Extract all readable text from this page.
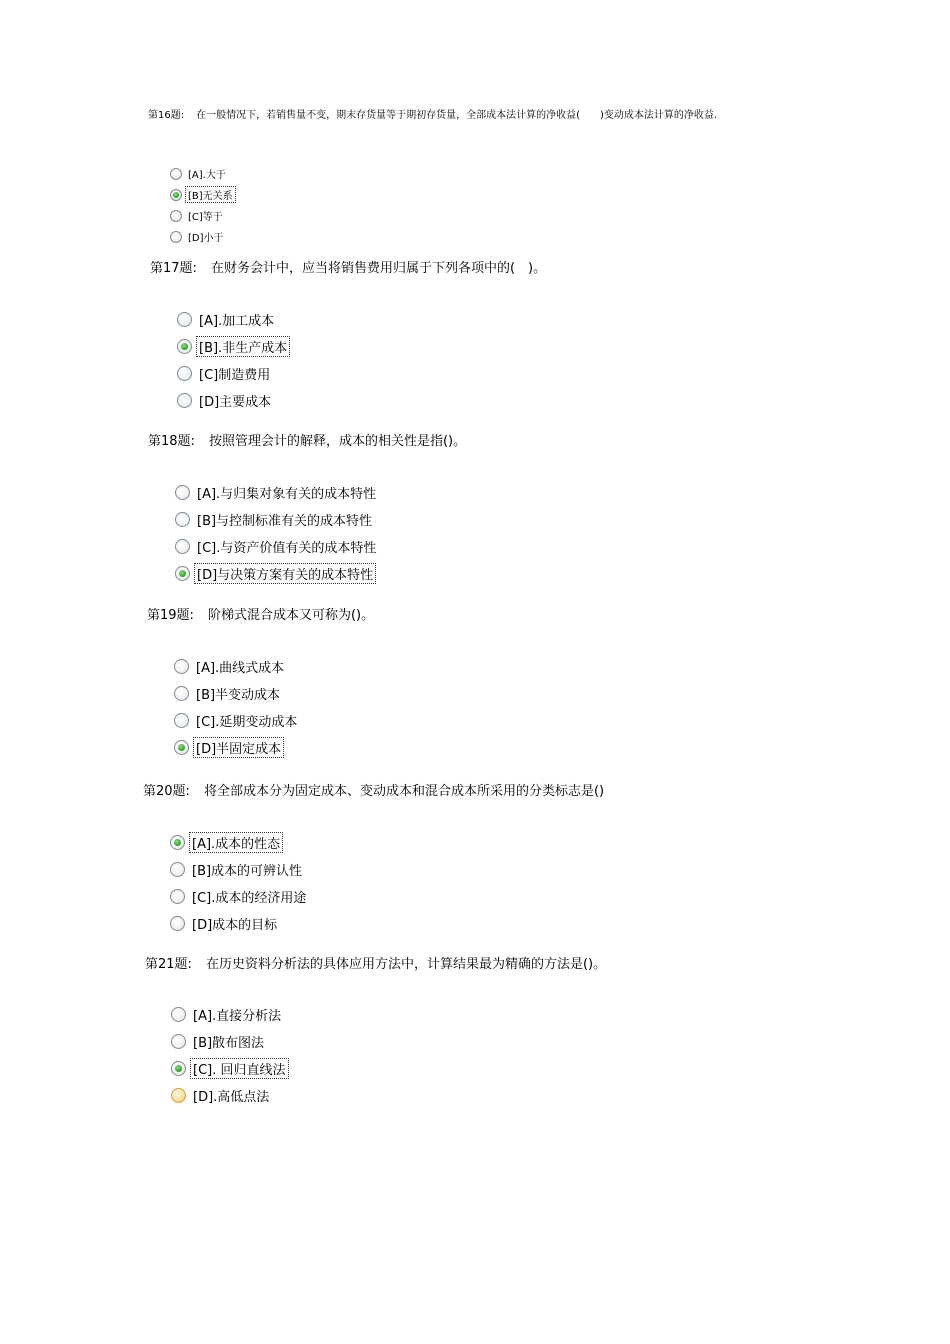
第16题: 在一般情况下，若销售量不变，期末存货量等于期初存货量，全部成本法计算的净收益(　　)变动成本法计算的净收益.
[A].大于
[B]无关系
[C]等于
[D]小于
第17题: 在财务会计中，应当将销售费用归属于下列各项中的(　)。
[A].加工成本
[B].非生产成本
[C]制造费用
[D]主要成本
第18题: 按照管理会计的解释，成本的相关性是指()。
[A].与归集对象有关的成本特性
[B]与控制标准有关的成本特性
[C].与资产价值有关的成本特性
[D]与决策方案有关的成本特性
第19题: 阶梯式混合成本又可称为()。
[A].曲线式成本
[B]半变动成本
[C].延期变动成本
[D]半固定成本
第20题: 将全部成本分为固定成本、变动成本和混合成本所采用的分类标志是()
[A].成本的性态
[B]成本的可辨认性
[C].成本的经济用途
[D]成本的目标
第21题: 在历史资料分析法的具体应用方法中，计算结果最为精确的方法是()。
[A].直接分析法
[B]散布图法
[C]. 回归直线法
[D].高低点法
